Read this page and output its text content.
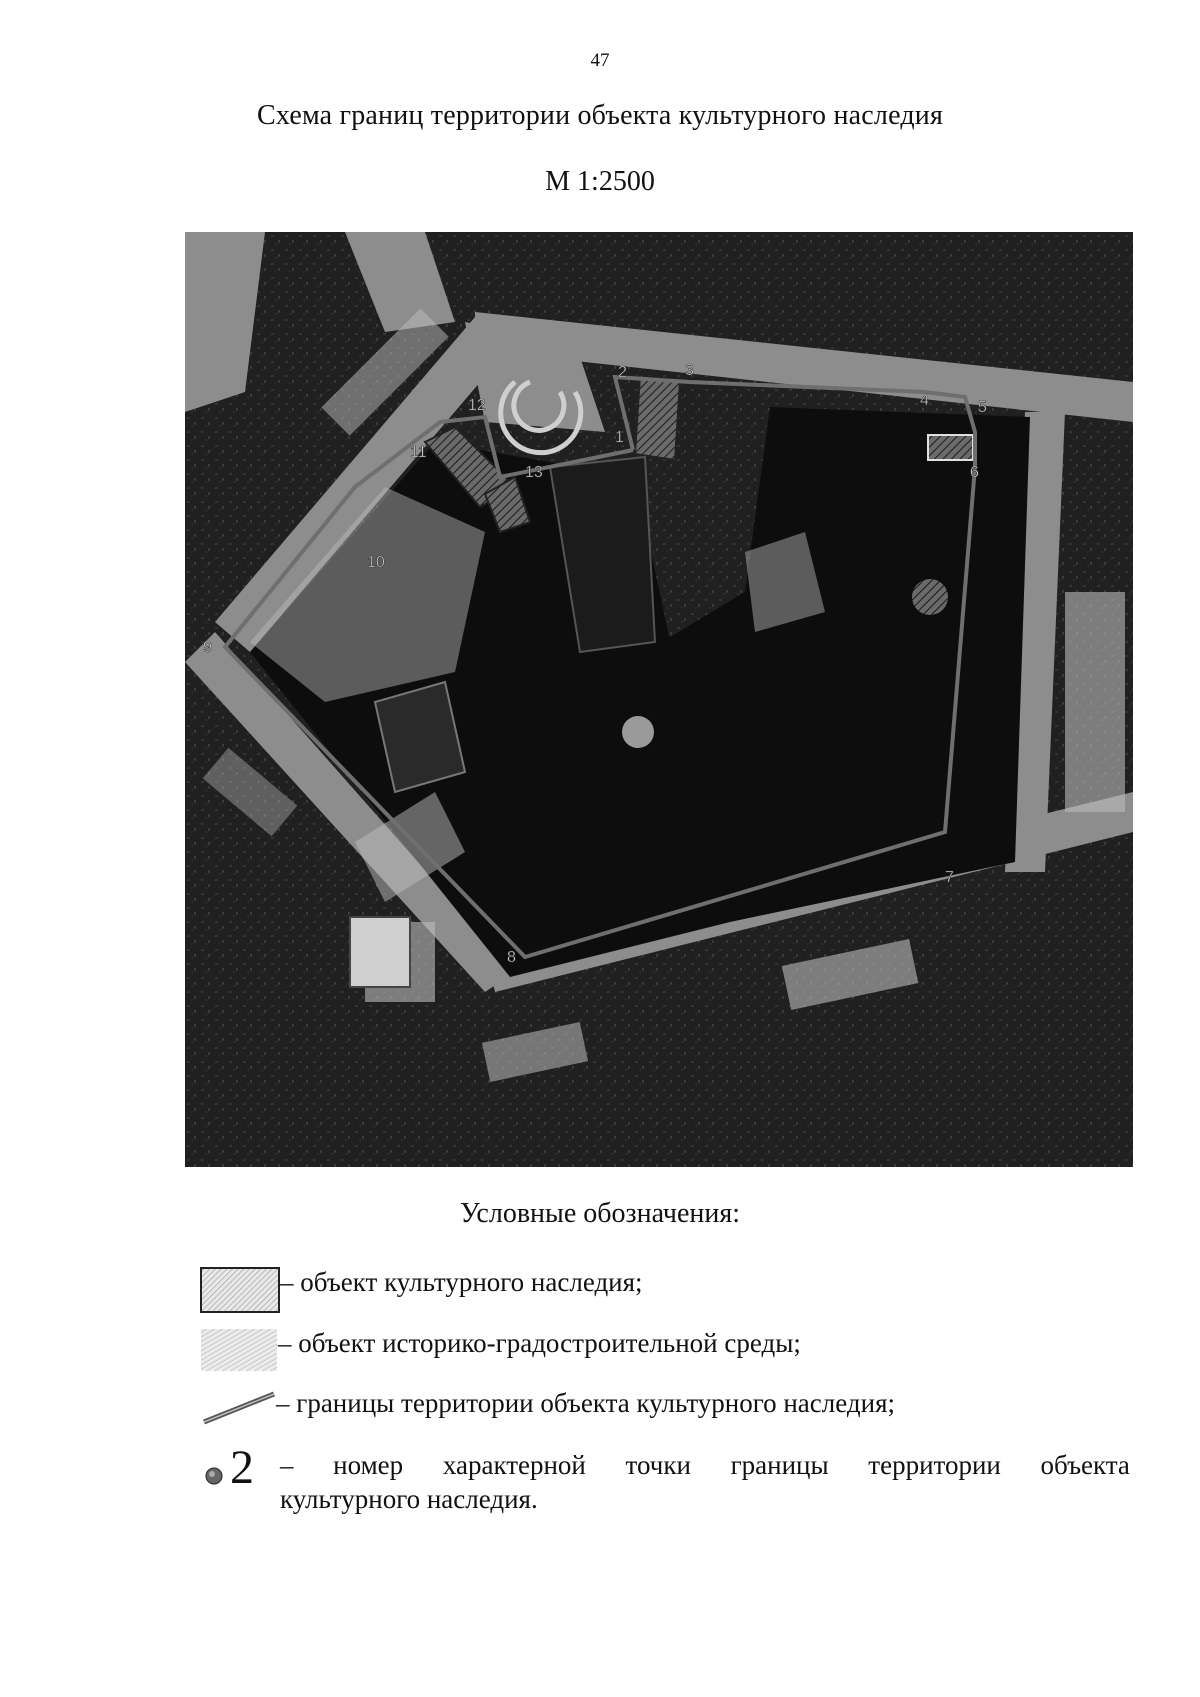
47
Схема границ территории объекта культурного наследия
М 1:2500
1
2	3
4	5
6
7
8
9
10
11
12
13
Условные обозначения:
– объект культурного наследия;
– объект историко-градостроительной среды;
– границы территории объекта культурного наследия;
2 – номер характерной точки границы территории объекта
культурного наследия.
